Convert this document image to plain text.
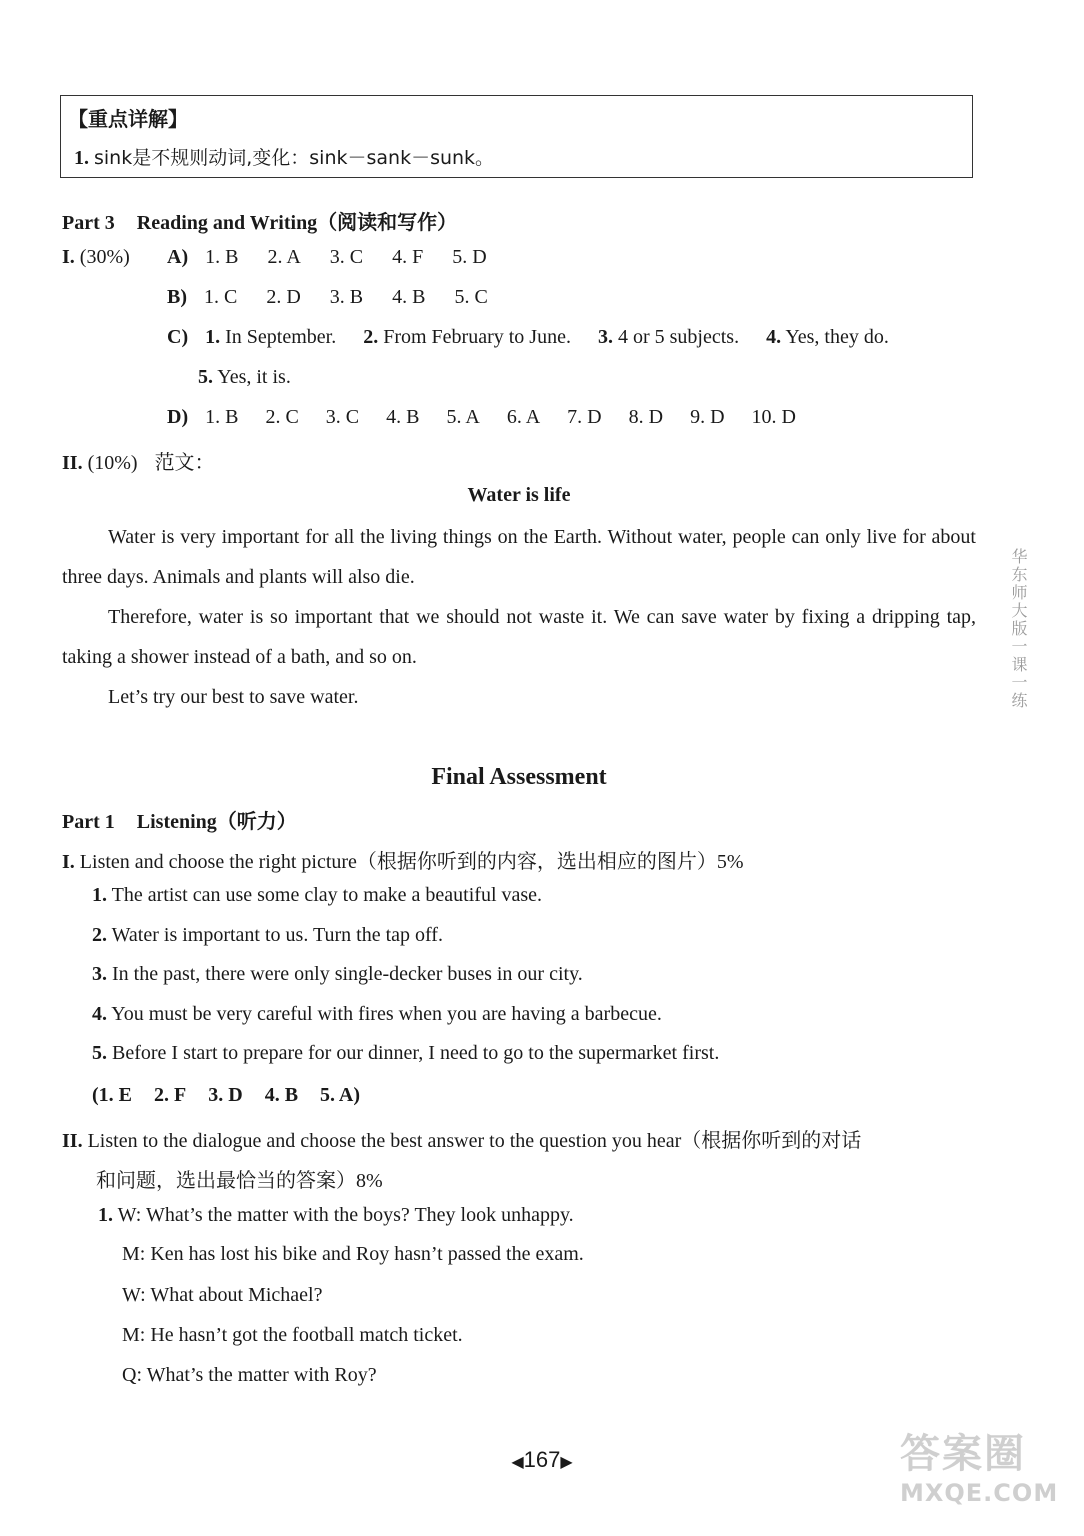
【重点详解】
1. sink是不规则动词,变化：sink－sank－sunk。
Part 3 Reading and Writing（阅读和写作）
I. (30%) A) 1. B 2. A 3. C 4. F 5. D
B) 1. C 2. D 3. B 4. B 5. C
C) 1. In September. 2. From February to June. 3. 4 or 5 subjects. 4. Yes, they do.
5. Yes, it is.
D) 1. B 2. C 3. C 4. B 5. A 6. A 7. D 8. D 9. D 10. D
II. (10%) 范文：
Water is life
Water is very important for all the living things on the Earth. Without water, people can only live for about three days. Animals and plants will also die.
Therefore, water is so important that we should not waste it. We can save water by fixing a dripping tap, taking a shower instead of a bath, and so on.
Let’s try our best to save water.
Final Assessment
Part 1 Listening（听力）
I. Listen and choose the right picture（根据你听到的内容，选出相应的图片）5%
1. The artist can use some clay to make a beautiful vase.
2. Water is important to us. Turn the tap off.
3. In the past, there were only single-decker buses in our city.
4. You must be very careful with fires when you are having a barbecue.
5. Before I start to prepare for our dinner, I need to go to the supermarket first.
(1. E 2. F 3. D 4. B 5. A)
II. Listen to the dialogue and choose the best answer to the question you hear（根据你听到的对话
和问题，选出最恰当的答案）8%
1. W: What’s the matter with the boys? They look unhappy.
M: Ken has lost his bike and Roy hasn’t passed the exam.
W: What about Michael?
M: He hasn’t got the football match ticket.
Q: What’s the matter with Roy?
华东师大版一课一练
◀167▶	答案圈
MXQE.COM
